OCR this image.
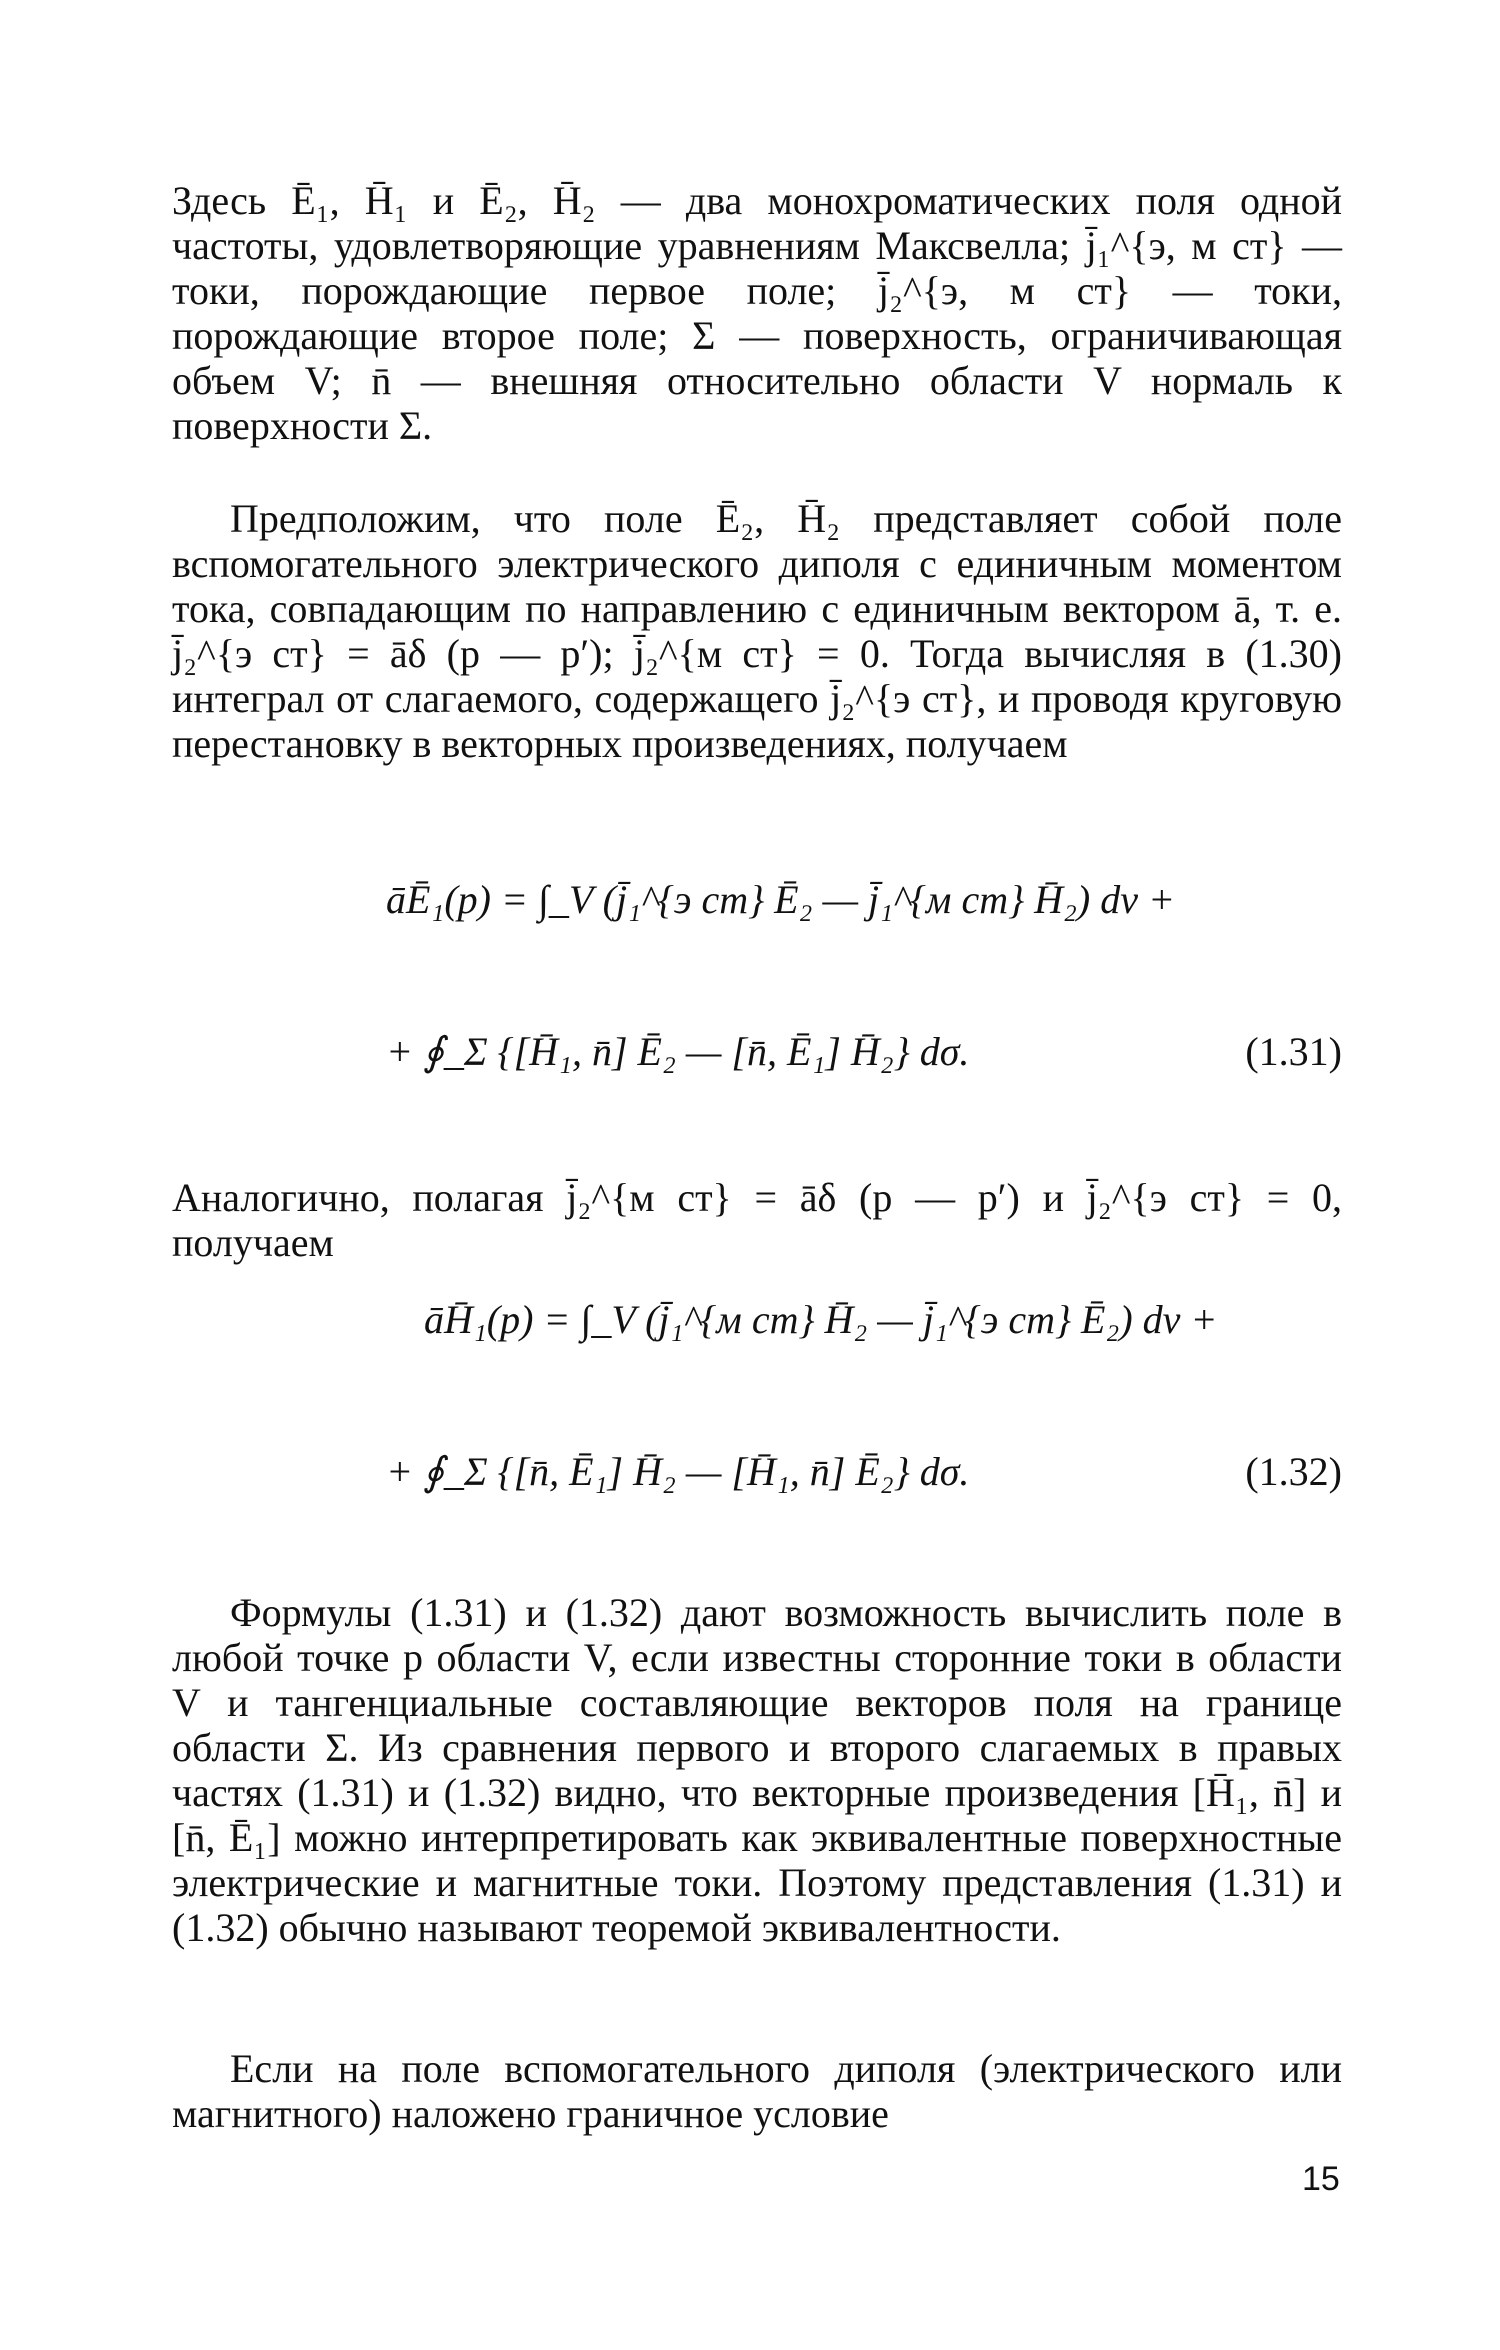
Здесь Ē₁, H̄₁ и Ē₂, H̄₂ — два монохроматических поля одной частоты, удовлетворяющие уравнениям Максвелла; j̄₁^{э, м ст} — токи, порождающие первое поле; j̄₂^{э, м ст} — токи, порождающие второе поле; Σ — поверхность, ограничивающая объем V; n̄ — внешняя относительно области V нормаль к поверхности Σ.

Предположим, что поле Ē₂, H̄₂ представляет собой поле вспомогательного электрического диполя с единичным моментом тока, совпадающим по направлению с единичным вектором ā, т. е. j̄₂^{э ст} = āδ (p — p′); j̄₂^{м ст} = 0. Тогда вычисляя в (1.30) интеграл от слагаемого, содержащего j̄₂^{э ст}, и проводя круговую перестановку в векторных произведениях, получаем

āĒ₁(p) = ∫_V (j̄₁^{э ст} Ē₂ — j̄₁^{м ст} H̄₂) dv +
+ ∮_Σ {[H̄₁, n̄] Ē₂ — [n̄, Ē₁] H̄₂} dσ.	(1.31)

Аналогично, полагая j̄₂^{м ст} = āδ (p — p′) и j̄₂^{э ст} = 0, получаем

āH̄₁(p) = ∫_V (j̄₁^{м ст} H̄₂ — j̄₁^{э ст} Ē₂) dv +
+ ∮_Σ {[n̄, Ē₁] H̄₂ — [H̄₁, n̄] Ē₂} dσ.	(1.32)

Формулы (1.31) и (1.32) дают возможность вычислить поле в любой точке p области V, если известны сторонние токи в области V и тангенциальные составляющие векторов поля на границе области Σ. Из сравнения первого и второго слагаемых в правых частях (1.31) и (1.32) видно, что векторные произведения [H̄₁, n̄] и [n̄, Ē₁] можно интерпретировать как эквивалентные поверхностные электрические и магнитные токи. Поэтому представления (1.31) и (1.32) обычно называют теоремой эквивалентности.

Если на поле вспомогательного диполя (электрического или магнитного) наложено граничное условие

15
